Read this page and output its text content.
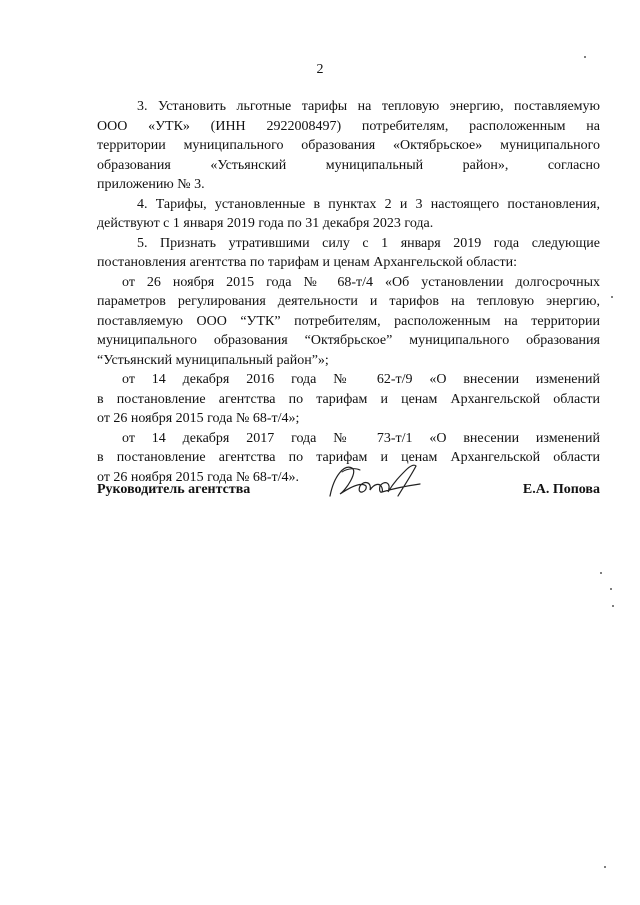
2
3. Установить льготные тарифы на тепловую энергию, поставляемую
ООО «УТК» (ИНН 2922008497) потребителям, расположенным на
территории муниципального образования «Октябрьское» муниципального
образования «Устьянский муниципальный район», согласно
приложению № 3.
4. Тарифы, установленные в пунктах 2 и 3 настоящего постановления,
действуют с 1 января 2019 года по 31 декабря 2023 года.
5. Признать утратившими силу с 1 января 2019 года следующие
постановления агентства по тарифам и ценам Архангельской области:
от 26 ноября 2015 года № 68-т/4 «Об установлении долгосрочных
параметров регулирования деятельности и тарифов на тепловую энергию,
поставляемую ООО “УТК” потребителям, расположенным на территории
муниципального образования “Октябрьское” муниципального образования
“Устьянский муниципальный район”»;
от 14 декабря 2016 года № 62-т/9 «О внесении изменений
в постановление агентства по тарифам и ценам Архангельской области
от 26 ноября 2015 года № 68-т/4»;
от 14 декабря 2017 года № 73-т/1 «О внесении изменений
в постановление агентства по тарифам и ценам Архангельской области
от 26 ноября 2015 года № 68-т/4».
Руководитель агентства	Е.А. Попова
